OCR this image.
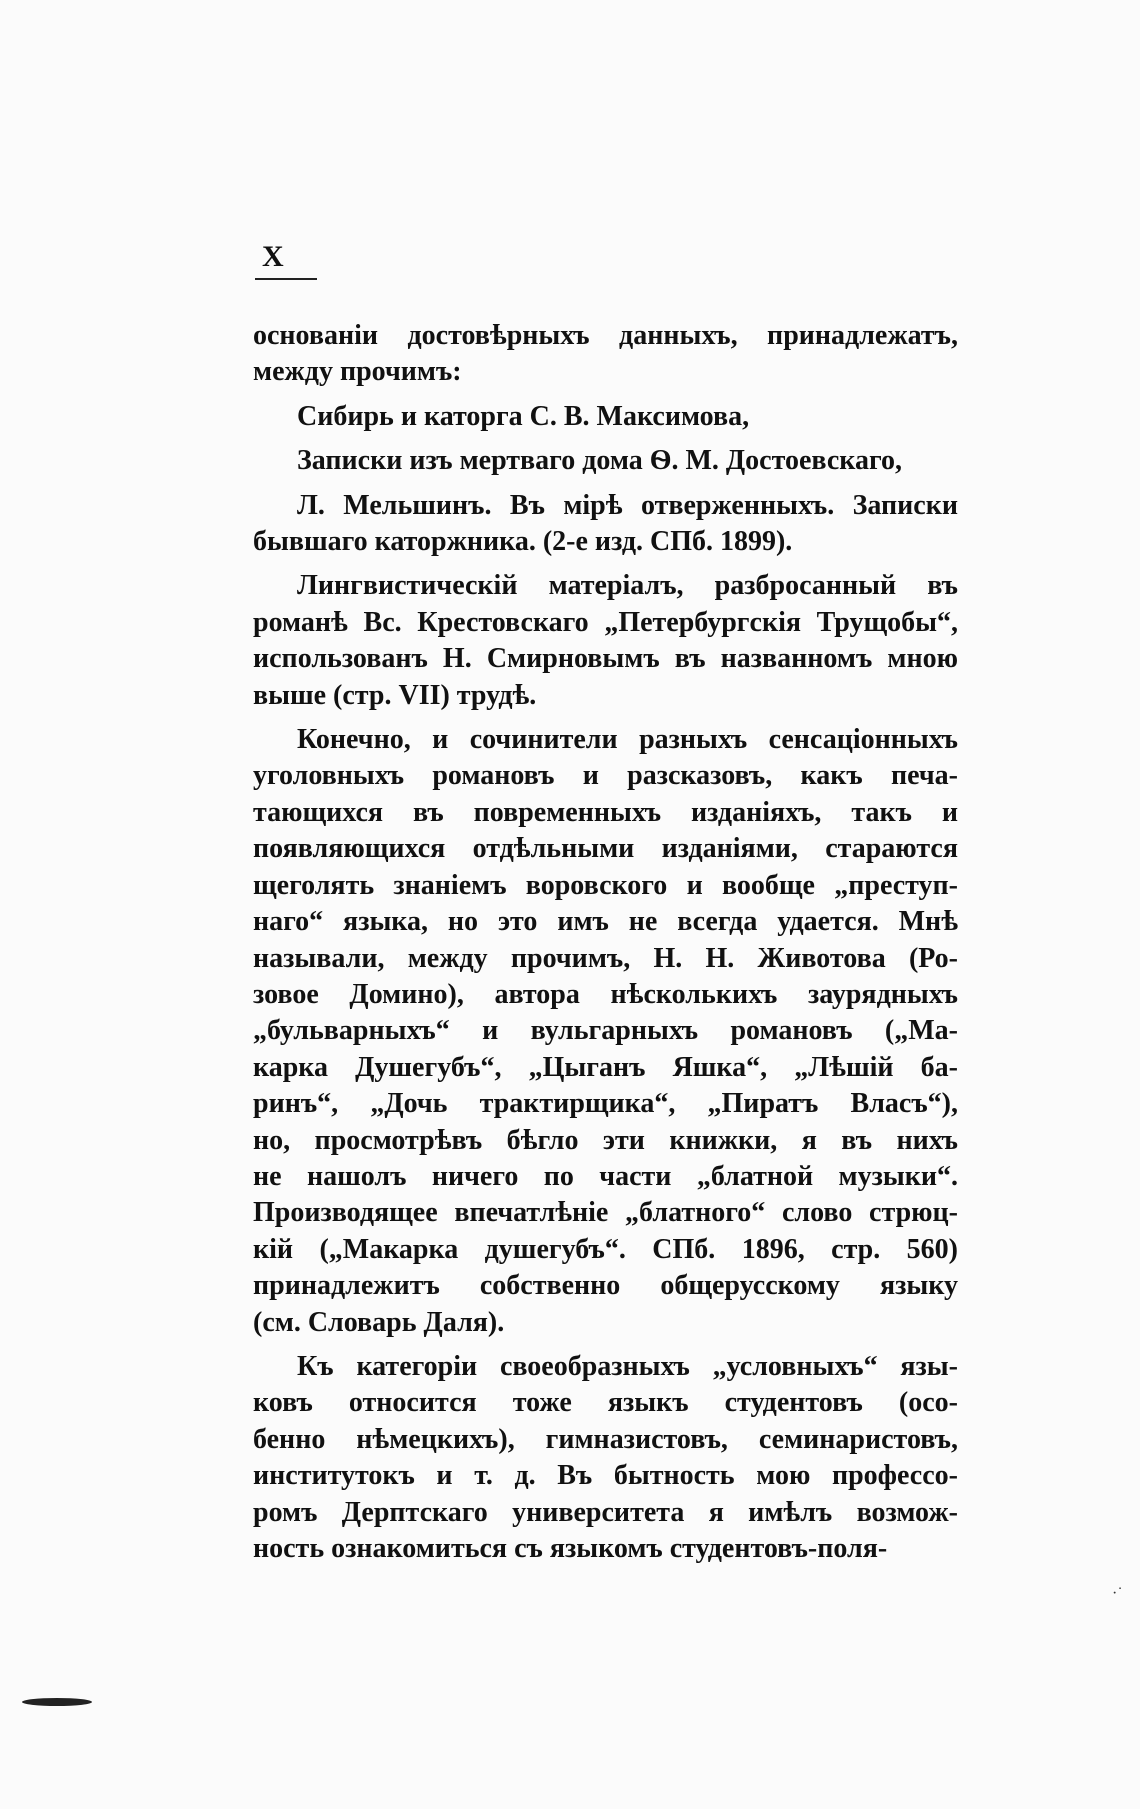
X

основанiи достовѣрныхъ данныхъ, принадлежатъ,
между прочимъ:

Сибирь и каторга С. В. Максимова,

Записки изъ мертваго дома Ѳ. М. Достоевскаго,

Л. Мельшинъ. Въ мiрѣ отверженныхъ. Записки
бывшаго каторжника. (2-е изд. СПб. 1899).

Лингвистическiй матерiалъ, разбросанный въ
романѣ Вс. Крестовскаго „Петербургскiя Трущобы“,
использованъ Н. Смирновымъ въ названномъ мною
выше (стр. VII) трудѣ.

Конечно, и сочинители разныхъ сенсацiонныхъ
уголовныхъ романовъ и разсказовъ, какъ печа-
тающихся въ повременныхъ изданiяхъ, такъ и
появляющихся отдѣльными изданiями, стараются
щеголять знанiемъ воровского и вообще „преступ-
наго“ языка, но это имъ не всегда удается. Мнѣ
называли, между прочимъ, Н. Н. Животова (Ро-
зовое Домино), автора нѣсколькихъ заурядныхъ
„бульварныхъ“ и вульгарныхъ романовъ („Ма-
карка Душегубъ“, „Цыганъ Яшка“, „Лѣшiй ба-
ринъ“, „Дочь трактирщика“, „Пиратъ Власъ“),
но, просмотрѣвъ бѣгло эти книжки, я въ нихъ
не нашолъ ничего по части „блатной музыки“.
Производящее впечатлѣнiе „блатного“ слово стрюц-
кiй („Макарка душегубъ“. СПб. 1896, стр. 560)
принадлежитъ собственно общерусскому языку
(см. Словарь Даля).

Къ категорiи своеобразныхъ „условныхъ“ язы-
ковъ относится тоже языкъ студентовъ (осо-
бенно нѣмецкихъ), гимназистовъ, семинаристовъ,
институтокъ и т. д. Въ бытность мою профессо-
ромъ Дерптскаго университета я имѣлъ возмож-
ность ознакомиться съ языкомъ студентовъ-поля-

·˙
